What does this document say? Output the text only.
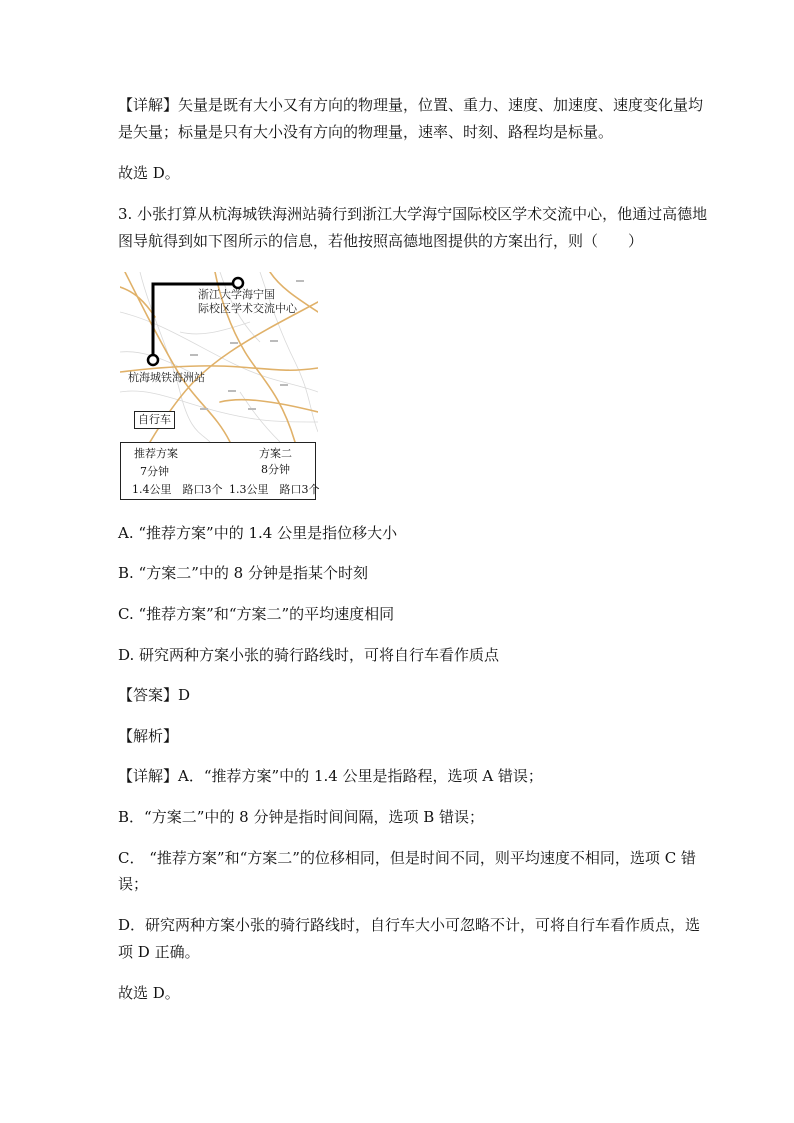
【详解】矢量是既有大小又有方向的物理量，位置、重力、速度、加速度、速度变化量均

是矢量；标量是只有大小没有方向的物理量，速率、时刻、路程均是标量。

故选 D。

3. 小张打算从杭海城铁海洲站骑行到浙江大学海宁国际校区学术交流中心，他通过高德地

图导航得到如下图所示的信息，若他按照高德地图提供的方案出行，则（　　）

浙江大学海宁国
际校区学术交流中心
杭海城铁海洲站
自行车
推荐方案
7分钟
1.4公里　路口3个
方案二
8分钟
1.3公里　路口3个

A. “推荐方案”中的 1.4 公里是指位移大小

B. “方案二”中的 8 分钟是指某个时刻

C. “推荐方案”和“方案二”的平均速度相同

D. 研究两种方案小张的骑行路线时，可将自行车看作质点

【答案】D

【解析】

【详解】A．“推荐方案”中的 1.4 公里是指路程，选项 A 错误；

B．“方案二”中的 8 分钟是指时间间隔，选项 B 错误；

C． “推荐方案”和“方案二”的位移相同，但是时间不同，则平均速度不相同，选项 C 错

误；

D．研究两种方案小张的骑行路线时，自行车大小可忽略不计，可将自行车看作质点，选

项 D 正确。

故选 D。
